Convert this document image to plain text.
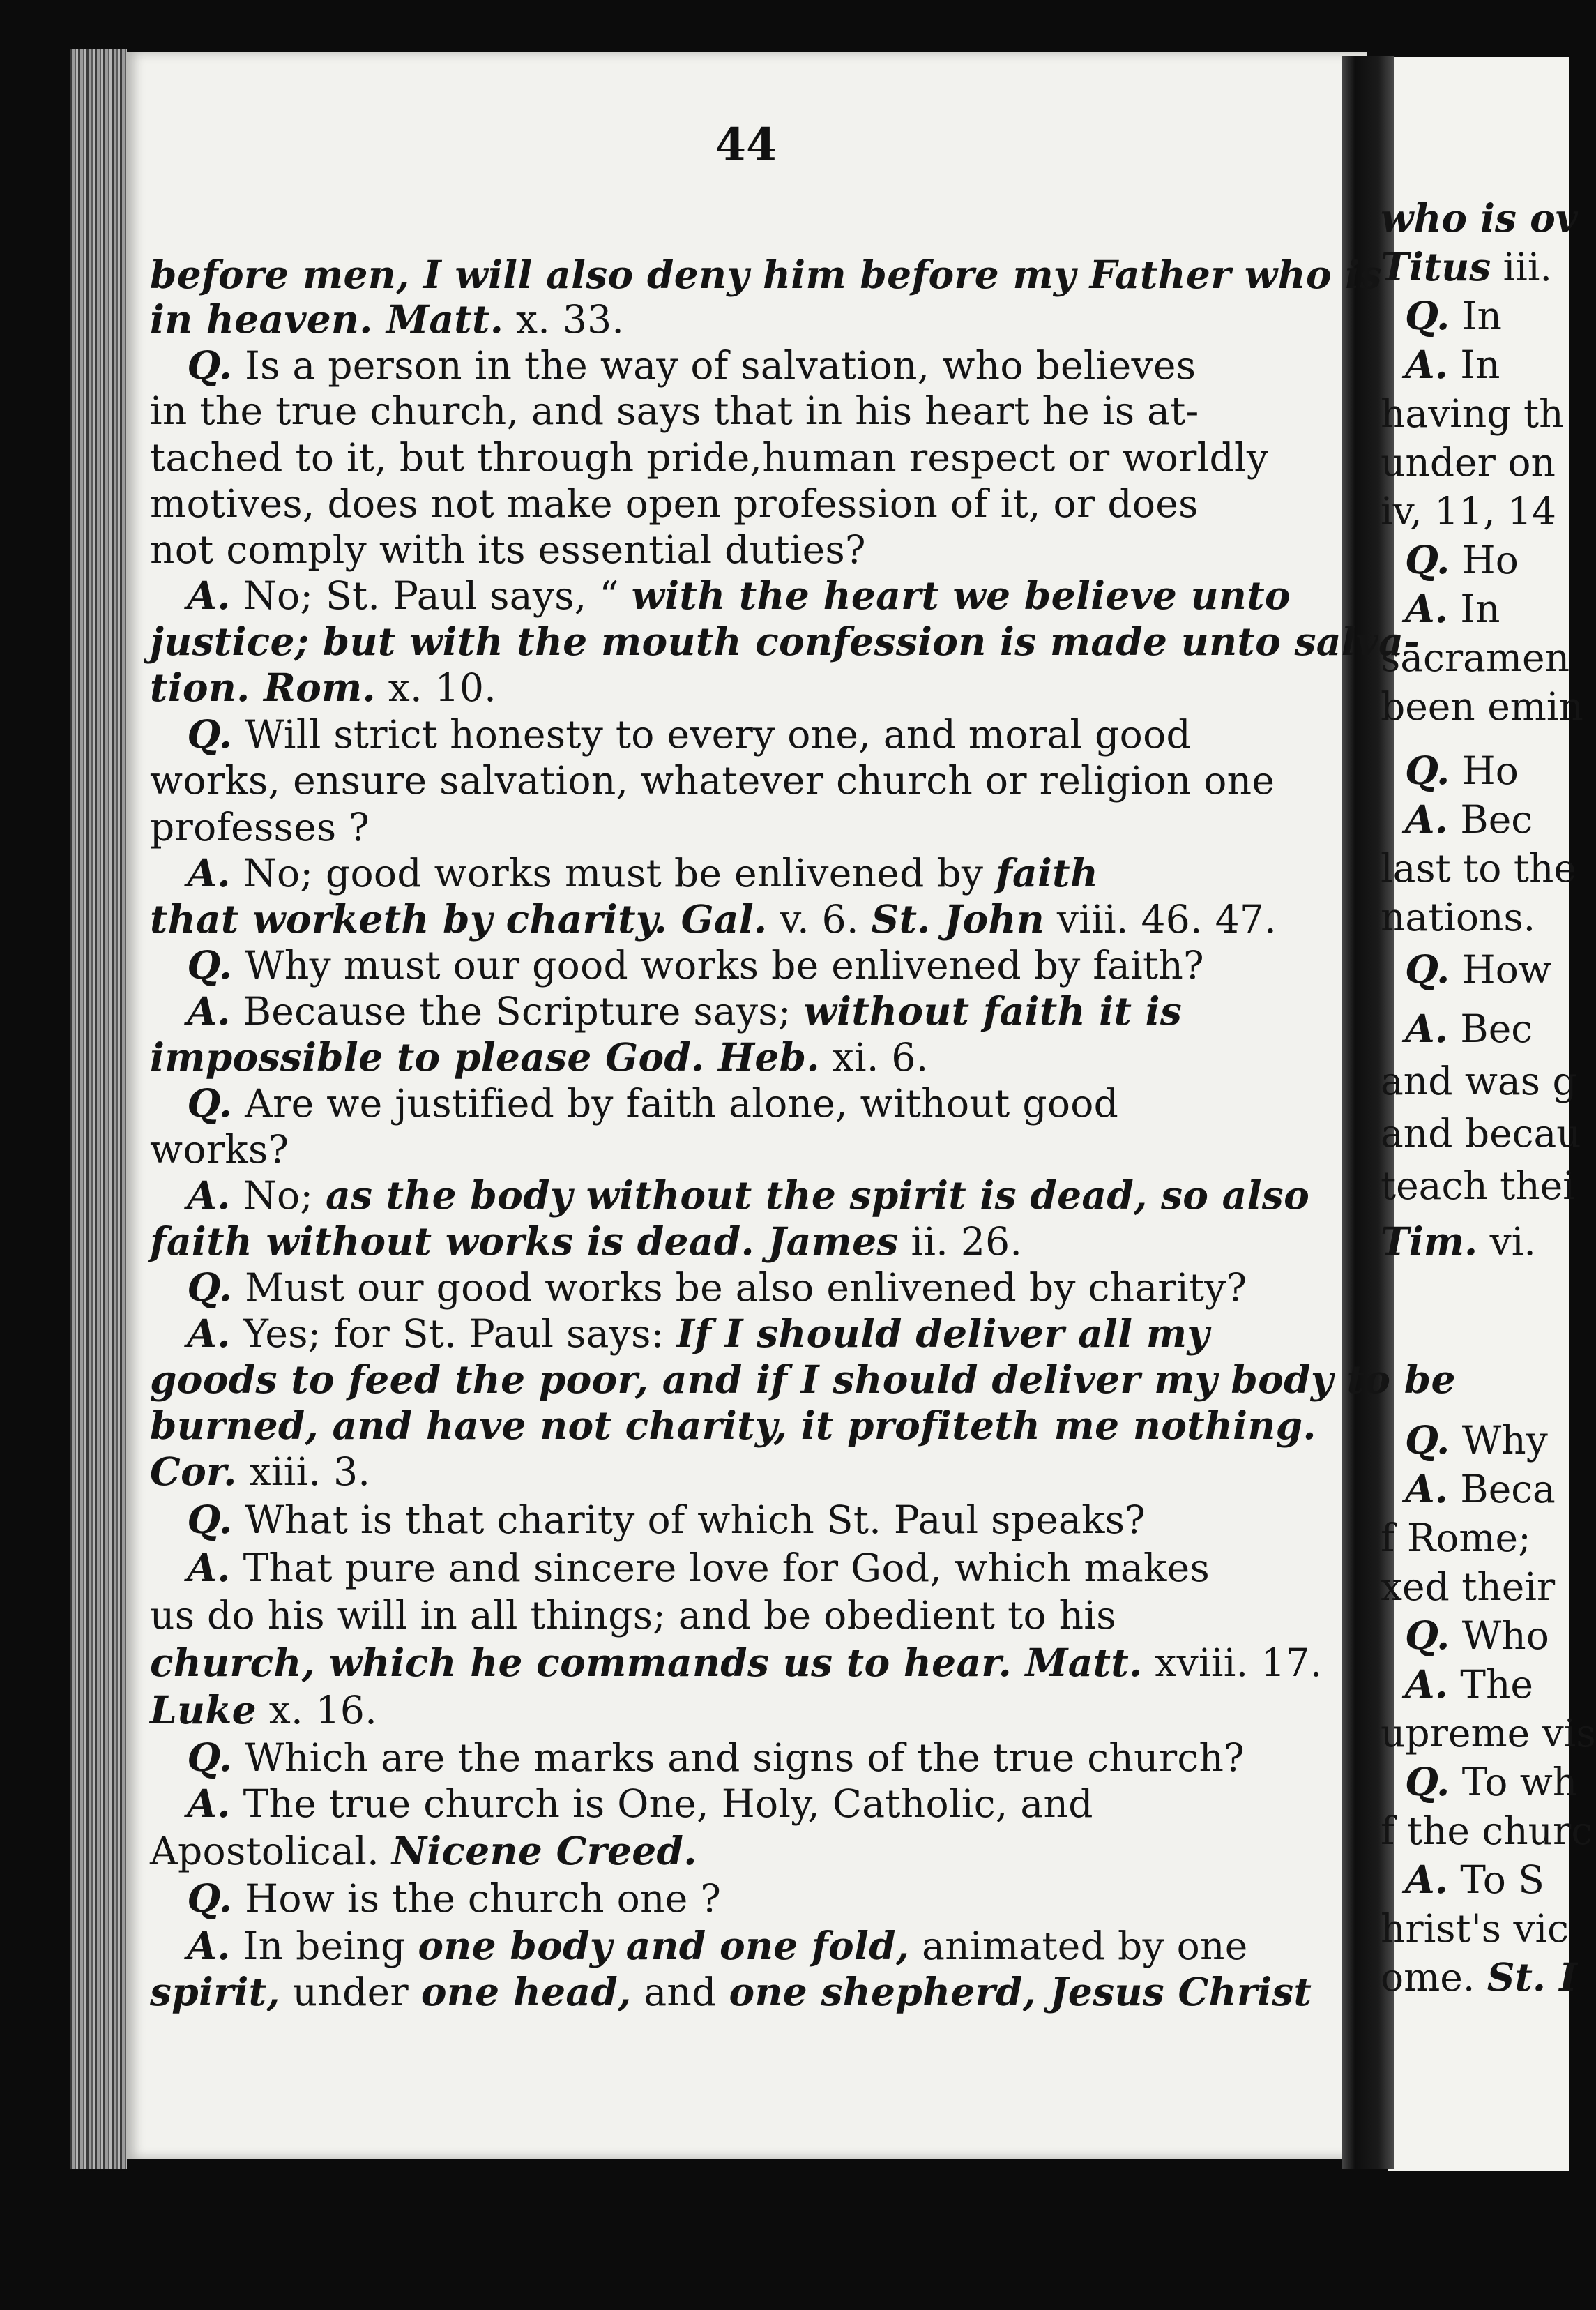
44
before men, I will also deny him before my Father who is
in heaven. Matt. x. 33.
Q. Is a person in the way of salvation, who believes
in the true church, and says that in his heart he is at-
tached to it, but through pride,human respect or worldly
motives, does not make open profession of it, or does
not comply with its essential duties?
A. No; St. Paul says, “ with the heart we believe unto
justice; but with the mouth confession is made unto salva-
tion. Rom. x. 10.
Q. Will strict honesty to every one, and moral good
works, ensure salvation, whatever church or religion one
professes ?
A. No; good works must be enlivened by faith
that worketh by charity. Gal. v. 6. St. John viii. 46. 47.
Q. Why must our good works be enlivened by faith?
A. Because the Scripture says; without faith it is
impossible to please God. Heb. xi. 6.
Q. Are we justified by faith alone, without good
works?
A. No; as the body without the spirit is dead, so also
faith without works is dead. James ii. 26.
Q. Must our good works be also enlivened by charity?
A. Yes; for St. Paul says: If I should deliver all my
goods to feed the poor, and if I should deliver my body to be
burned, and have not charity, it profiteth me nothing.
Cor. xiii. 3.
Q. What is that charity of which St. Paul speaks?
A. That pure and sincere love for God, which makes
us do his will in all things; and be obedient to his
church, which he commands us to hear. Matt. xviii. 17.
Luke x. 16.
Q. Which are the marks and signs of the true church?
A. The true church is One, Holy, Catholic, and
Apostolical. Nicene Creed.
Q. How is the church one ?
A. In being one body and one fold, animated by one
spirit, under one head, and one shepherd, Jesus Christ
who is ov
Titus iii.
Q. In
A. In
having th
under on
iv, 11, 14
Q. Ho
A. In
sacramen
been emin
Q. Ho
A. Bec
last to the
nations.
Q. How
A. Bec
and was g
and becau
teach thei
Tim. vi.
Q. Why
A. Beca
f Rome;
xed their
Q. Who
A. The
upreme vis
Q. To wh
f the churc
A. To S
hrist's vic
ome. St. I
